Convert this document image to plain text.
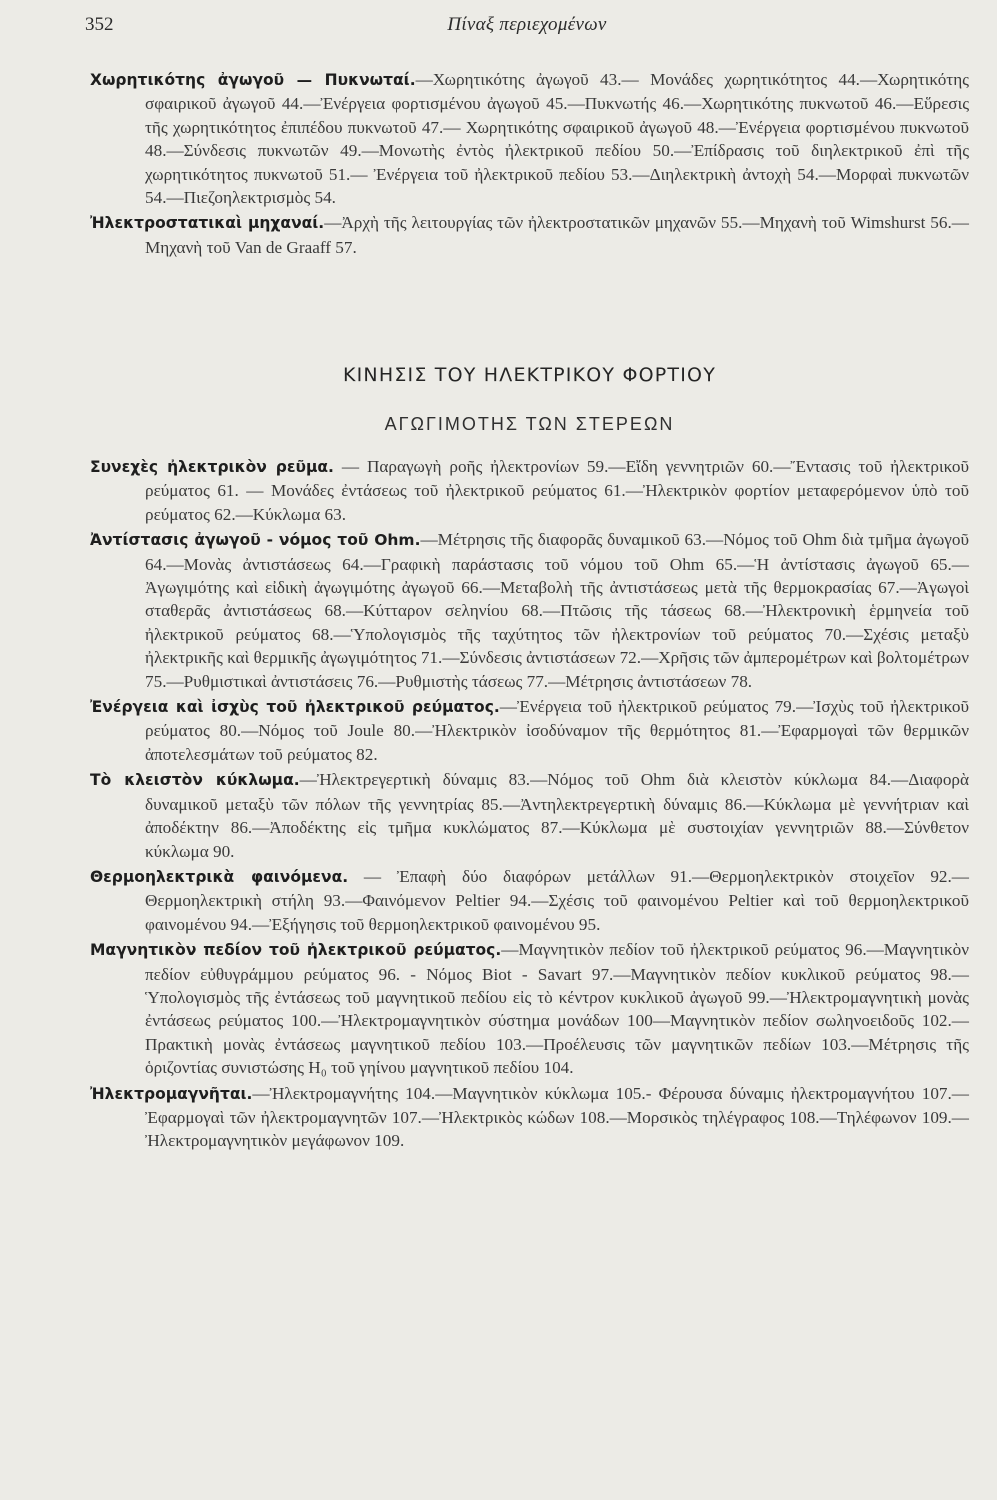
352	Πίναξ περιεχομένων

Χωρητικότης ἀγωγοῦ — Πυκνωταί.—Χωρητικότης ἀγωγοῦ 43.— Μονάδες χωρητικότητος 44.—Χωρητικότης σφαιρικοῦ ἀγωγοῦ 44.—Ἐνέργεια φορτισμένου ἀγωγοῦ 45.—Πυκνωτής 46.—Χωρητικότης πυκνωτοῦ 46.—Εὕρεσις τῆς χωρητικότητος ἐπιπέδου πυκνωτοῦ 47.— Χωρητικότης σφαιρικοῦ ἀγωγοῦ 48.—Ἐνέργεια φορτισμένου πυκνωτοῦ 48.—Σύνδεσις πυκνωτῶν 49.—Μονωτὴς ἐντὸς ἠλεκτρικοῦ πεδίου 50.—Ἐπίδρασις τοῦ διηλεκτρικοῦ ἐπὶ τῆς χωρητικότητος πυκνωτοῦ 51.— Ἐνέργεια τοῦ ἠλεκτρικοῦ πεδίου 53.—Διηλεκτρικὴ ἀντοχὴ 54.—Μορφαὶ πυκνωτῶν 54.—Πιεζοηλεκτρισμὸς 54.

Ἠλεκτροστατικαὶ μηχαναί.—Ἀρχὴ τῆς λειτουργίας τῶν ἠλεκτροστατικῶν μηχανῶν 55.—Μηχανὴ τοῦ Wimshurst 56.—Μηχανὴ τοῦ Van de Graaff 57.

ΚΙΝΗΣΙΣ ΤΟΥ ΗΛΕΚΤΡΙΚΟΥ ΦΟΡΤΙΟΥ
ΑΓΩΓΙΜΟΤΗΣ ΤΩΝ ΣΤΕΡΕΩΝ

Συνεχὲς ἠλεκτρικὸν ρεῦμα. — Παραγωγὴ ροῆς ἠλεκτρονίων 59.—Εἴδη γεννητριῶν 60.—Ἔντασις τοῦ ἠλεκτρικοῦ ρεύματος 61. — Μονάδες ἐντάσεως τοῦ ἠλεκτρικοῦ ρεύματος 61.—Ἠλεκτρικὸν φορτίον μεταφερόμενον ὑπὸ τοῦ ρεύματος 62.—Κύκλωμα 63.

Ἀντίστασις ἀγωγοῦ - νόμος τοῦ Ohm.—Μέτρησις τῆς διαφορᾶς δυναμικοῦ 63.—Νόμος τοῦ Ohm διὰ τμῆμα ἀγωγοῦ 64.—Μονὰς ἀντιστάσεως 64.—Γραφικὴ παράστασις τοῦ νόμου τοῦ Ohm 65.—Ἡ ἀντίστασις ἀγωγοῦ 65.—Ἀγωγιμότης καὶ εἰδικὴ ἀγωγιμότης ἀγωγοῦ 66.—Μεταβολὴ τῆς ἀντιστάσεως μετὰ τῆς θερμοκρασίας 67.—Ἀγωγοὶ σταθερᾶς ἀντιστάσεως 68.—Κύτταρον σεληνίου 68.—Πτῶσις τῆς τάσεως 68.—Ἠλεκτρονικὴ ἑρμηνεία τοῦ ἠλεκτρικοῦ ρεύματος 68.—Ὑπολογισμὸς τῆς ταχύτητος τῶν ἠλεκτρονίων τοῦ ρεύματος 70.—Σχέσις μεταξὺ ἠλεκτρικῆς καὶ θερμικῆς ἀγωγιμότητος 71.—Σύνδεσις ἀντιστάσεων 72.—Χρῆσις τῶν ἀμπερομέτρων καὶ βολτομέτρων 75.—Ρυθμιστικαὶ ἀντιστάσεις 76.—Ρυθμιστὴς τάσεως 77.—Μέτρησις ἀντιστάσεων 78.

Ἐνέργεια καὶ ἰσχὺς τοῦ ἠλεκτρικοῦ ρεύματος.—Ἐνέργεια τοῦ ἠλεκτρικοῦ ρεύματος 79.—Ἰσχὺς τοῦ ἠλεκτρικοῦ ρεύματος 80.—Νόμος τοῦ Joule 80.—Ἠλεκτρικὸν ἰσοδύναμον τῆς θερμότητος 81.—Ἐφαρμογαὶ τῶν θερμικῶν ἀποτελεσμάτων τοῦ ρεύματος 82.

Τὸ κλειστὸν κύκλωμα.—Ἠλεκτρεγερτικὴ δύναμις 83.—Νόμος τοῦ Ohm διὰ κλειστὸν κύκλωμα 84.—Διαφορὰ δυναμικοῦ μεταξὺ τῶν πόλων τῆς γεννητρίας 85.—Ἀντηλεκτρεγερτικὴ δύναμις 86.—Κύκλωμα μὲ γεννήτριαν καὶ ἀποδέκτην 86.—Ἀποδέκτης εἰς τμῆμα κυκλώματος 87.—Κύκλωμα μὲ συστοιχίαν γεννητριῶν 88.—Σύνθετον κύκλωμα 90.

Θερμοηλεκτρικὰ φαινόμενα. — Ἐπαφὴ δύο διαφόρων μετάλλων 91.—Θερμοηλεκτρικὸν στοιχεῖον 92.—Θερμοηλεκτρικὴ στήλη 93.—Φαινόμενον Peltier 94.—Σχέσις τοῦ φαινομένου Peltier καὶ τοῦ θερμοηλεκτρικοῦ φαινομένου 94.—Ἐξήγησις τοῦ θερμοηλεκτρικοῦ φαινομένου 95.

Μαγνητικὸν πεδίον τοῦ ἠλεκτρικοῦ ρεύματος.—Μαγνητικὸν πεδίον τοῦ ἠλεκτρικοῦ ρεύματος 96.—Μαγνητικὸν πεδίον εὐθυγράμμου ρεύματος 96. - Νόμος Biot - Savart 97.—Μαγνητικὸν πεδίον κυκλικοῦ ρεύματος 98.—Ὑπολογισμὸς τῆς ἐντάσεως τοῦ μαγνητικοῦ πεδίου εἰς τὸ κέντρον κυκλικοῦ ἀγωγοῦ 99.—Ἠλεκτρομαγνητικὴ μονὰς ἐντάσεως ρεύματος 100.—Ἠλεκτρομαγνητικὸν σύστημα μονάδων 100—Μαγνητικὸν πεδίον σωληνοειδοῦς 102.—Πρακτικὴ μονὰς ἐντάσεως μαγνητικοῦ πεδίου 103.—Προέλευσις τῶν μαγνητικῶν πεδίων 103.—Μέτρησις τῆς ὁριζοντίας συνιστώσης H₀ τοῦ γηίνου μαγνητικοῦ πεδίου 104.

Ἠλεκτρομαγνῆται.—Ἠλεκτρομαγνήτης 104.—Μαγνητικὸν κύκλωμα 105.- Φέρουσα δύναμις ἠλεκτρομαγνήτου 107.—Ἐφαρμογαὶ τῶν ἠλεκτρομαγνητῶν 107.—Ἠλεκτρικὸς κώδων 108.—Μορσικὸς τηλέγραφος 108.—Τηλέφωνον 109.—Ἠλεκτρομαγνητικὸν μεγάφωνον 109.
